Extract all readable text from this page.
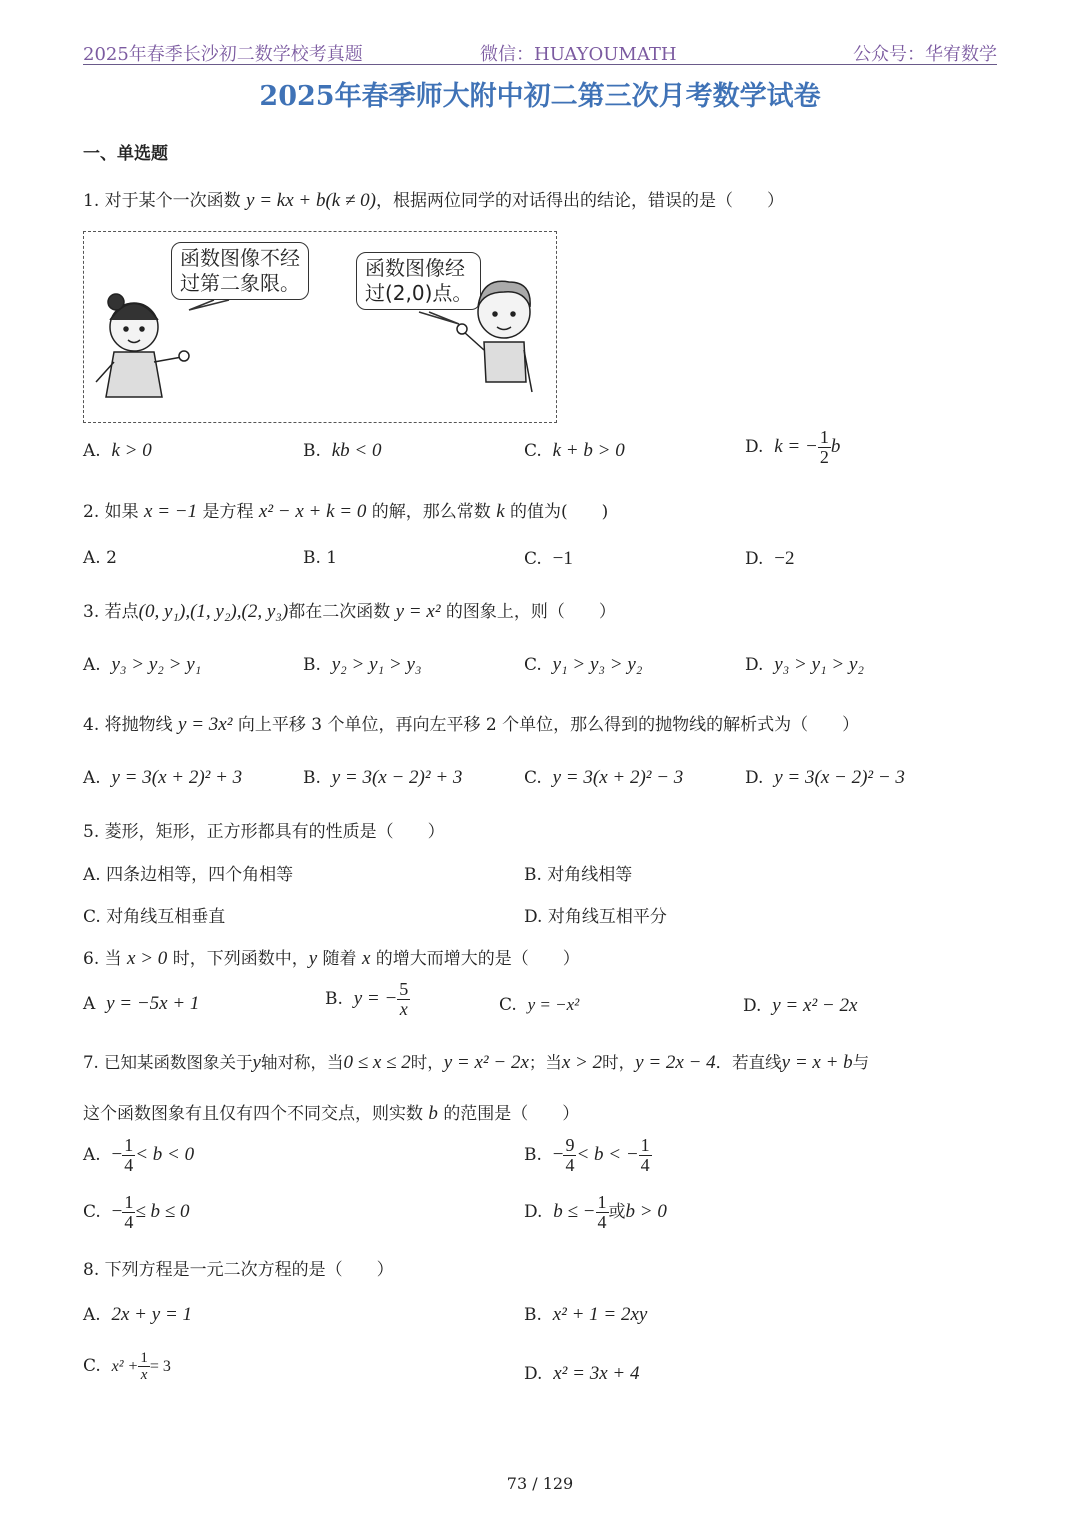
2025年春季长沙初二数学校考真题	微信：HUAYOUMATH	公众号：华宥数学
2025年春季师大附中初二第三次月考数学试卷
一、单选题
1. 对于某个一次函数 y = kx + b(k ≠ 0)，根据两位同学的对话得出的结论，错误的是（　　）
函数图像不经
过第二象限。
函数图像经
过(2,0)点。
A. k > 0	B. kb < 0	C. k + b > 0	D. k = − $\frac{1}{2}$ b
2. 如果 x = −1 是方程 x² − x + k = 0 的解，那么常数 k 的值为(　　)
A. 2	B. 1	C. −1	D. −2
3. 若点(0, y₁),(1, y₂),(2, y₃)都在二次函数 y = x² 的图象上，则（　　）
A. y₃ > y₂ > y₁	B. y₂ > y₁ > y₃	C. y₁ > y₃ > y₂	D. y₃ > y₁ > y₂
4. 将抛物线 y = 3x² 向上平移 3 个单位，再向左平移 2 个单位，那么得到的抛物线的解析式为（　　）
A. y = 3(x + 2)² + 3	B. y = 3(x − 2)² + 3	C. y = 3(x + 2)² − 3	D. y = 3(x − 2)² − 3
5. 菱形，矩形，正方形都具有的性质是（　　）
A. 四条边相等，四个角相等	B. 对角线相等
C. 对角线互相垂直	D. 对角线互相平分
6. 当 x > 0 时，下列函数中，y 随着 x 的增大而增大的是（　　）
A y = −5x + 1	B. y = − $\frac{5}{x}$	C. y = −x²	D. y = x² − 2x
7. 已知某函数图象关于y轴对称，当0 ≤ x ≤ 2时，y = x² − 2x；当x > 2时，y = 2x − 4．若直线y = x + b与
这个函数图象有且仅有四个不同交点，则实数 b 的范围是（　　）
A. − $\frac{1}{4} < b < 0$	B. − $\frac{9}{4} < b$ < − $\frac{1}{4}$
C. − $\frac{1}{4} \le b \le 0$	D. b ≤ − $\frac{1}{4}$ 或b > 0
8. 下列方程是一元二次方程的是（　　）
A. 2x + y = 1	B. x² + 1 = 2xy
C. $x^2 + \frac{1}{x} = 3$	D. x² = 3x + 4
73 / 129
